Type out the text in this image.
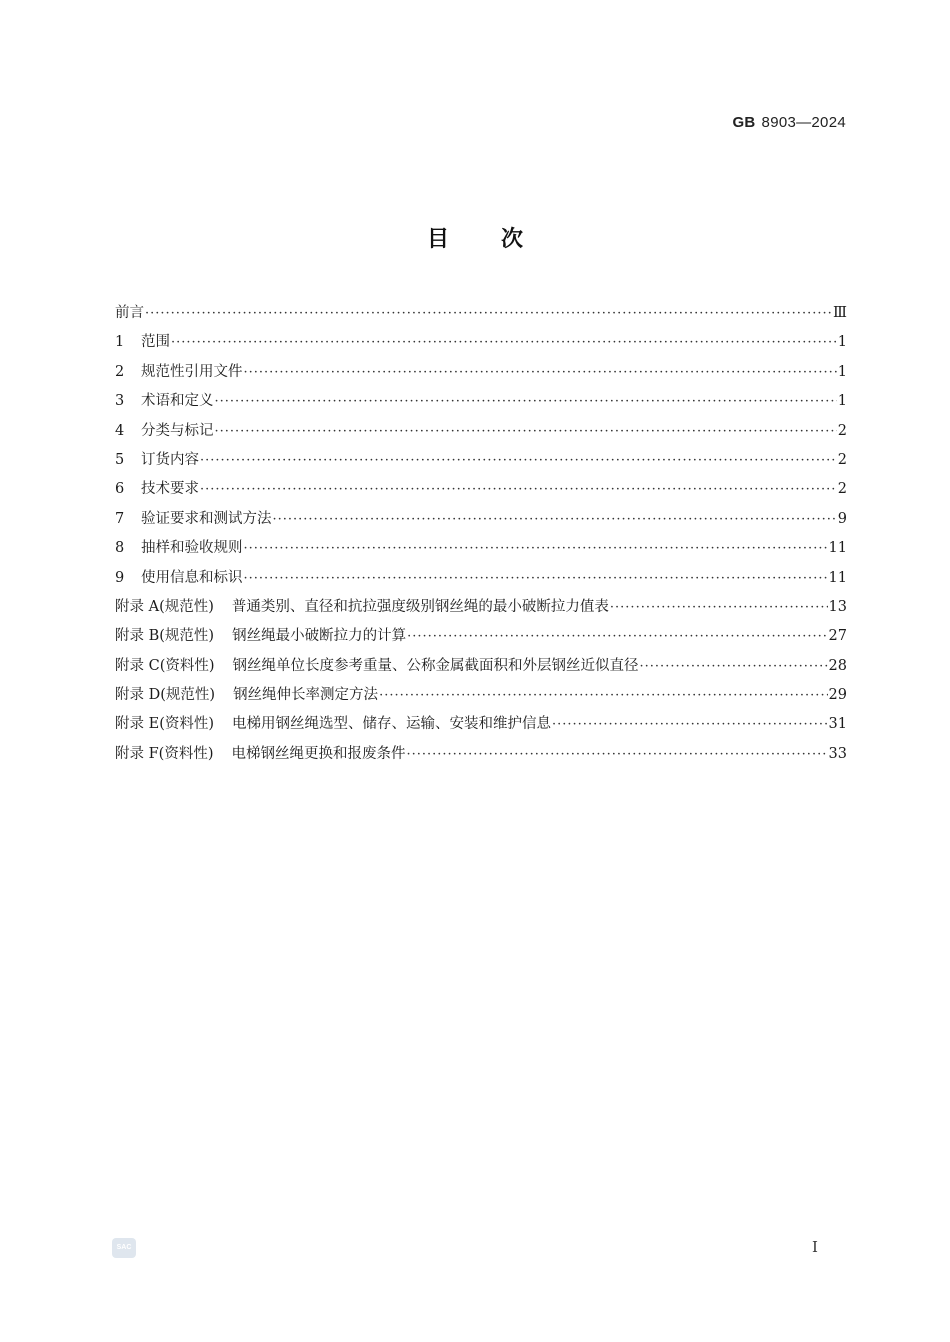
GB 8903—2024
目次
前言 ·····	Ⅲ
1	范围 ·····	1
2	规范性引用文件 ·····	1
3	术语和定义 ·····	1
4	分类与标记 ·····	2
5	订货内容 ·····	2
6	技术要求 ·····	2
7	验证要求和测试方法 ·····	9
8	抽样和验收规则 ·····	11
9	使用信息和标识 ·····	11
附录 A(规范性) 普通类别、直径和抗拉强度级别钢丝绳的最小破断拉力值表 ·····	13
附录 B(规范性) 钢丝绳最小破断拉力的计算 ·····	27
附录 C(资料性) 钢丝绳单位长度参考重量、公称金属截面积和外层钢丝近似直径 ·····	28
附录 D(规范性) 钢丝绳伸长率测定方法 ·····	29
附录 E(资料性) 电梯用钢丝绳选型、储存、运输、安装和维护信息 ·····	31
附录 F(资料性) 电梯钢丝绳更换和报废条件 ·····	33
SAC	Ⅰ
